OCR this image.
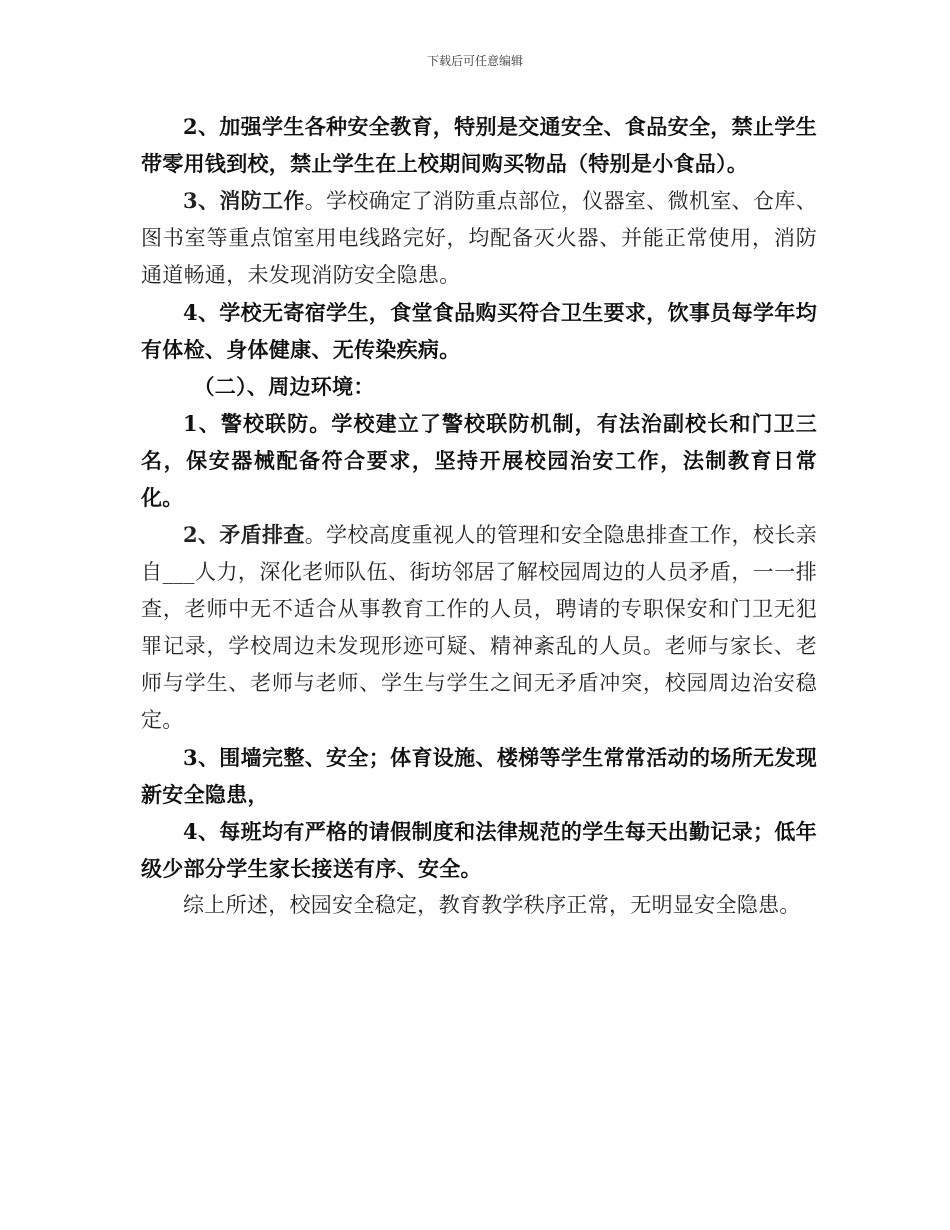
下载后可任意编辑

2、加强学生各种安全教育，特别是交通安全、食品安全，禁止学生带零用钱到校，禁止学生在上校期间购买物品（特别是小食品）。

3、消防工作。学校确定了消防重点部位，仪器室、微机室、仓库、图书室等重点馆室用电线路完好，均配备灭火器、并能正常使用，消防通道畅通，未发现消防安全隐患。

4、学校无寄宿学生，食堂食品购买符合卫生要求，饮事员每学年均有体检、身体健康、无传染疾病。

（二）、周边环境：

1、警校联防。学校建立了警校联防机制，有法治副校长和门卫三名，保安器械配备符合要求，坚持开展校园治安工作，法制教育日常化。

2、矛盾排查。学校高度重视人的管理和安全隐患排查工作，校长亲自___人力，深化老师队伍、街坊邻居了解校园周边的人员矛盾，一一排查，老师中无不适合从事教育工作的人员，聘请的专职保安和门卫无犯罪记录，学校周边未发现形迹可疑、精神紊乱的人员。老师与家长、老师与学生、老师与老师、学生与学生之间无矛盾冲突，校园周边治安稳定。

3、围墙完整、安全；体育设施、楼梯等学生常常活动的场所无发现新安全隐患，

4、每班均有严格的请假制度和法律规范的学生每天出勤记录；低年级少部分学生家长接送有序、安全。

综上所述，校园安全稳定，教育教学秩序正常，无明显安全隐患。
